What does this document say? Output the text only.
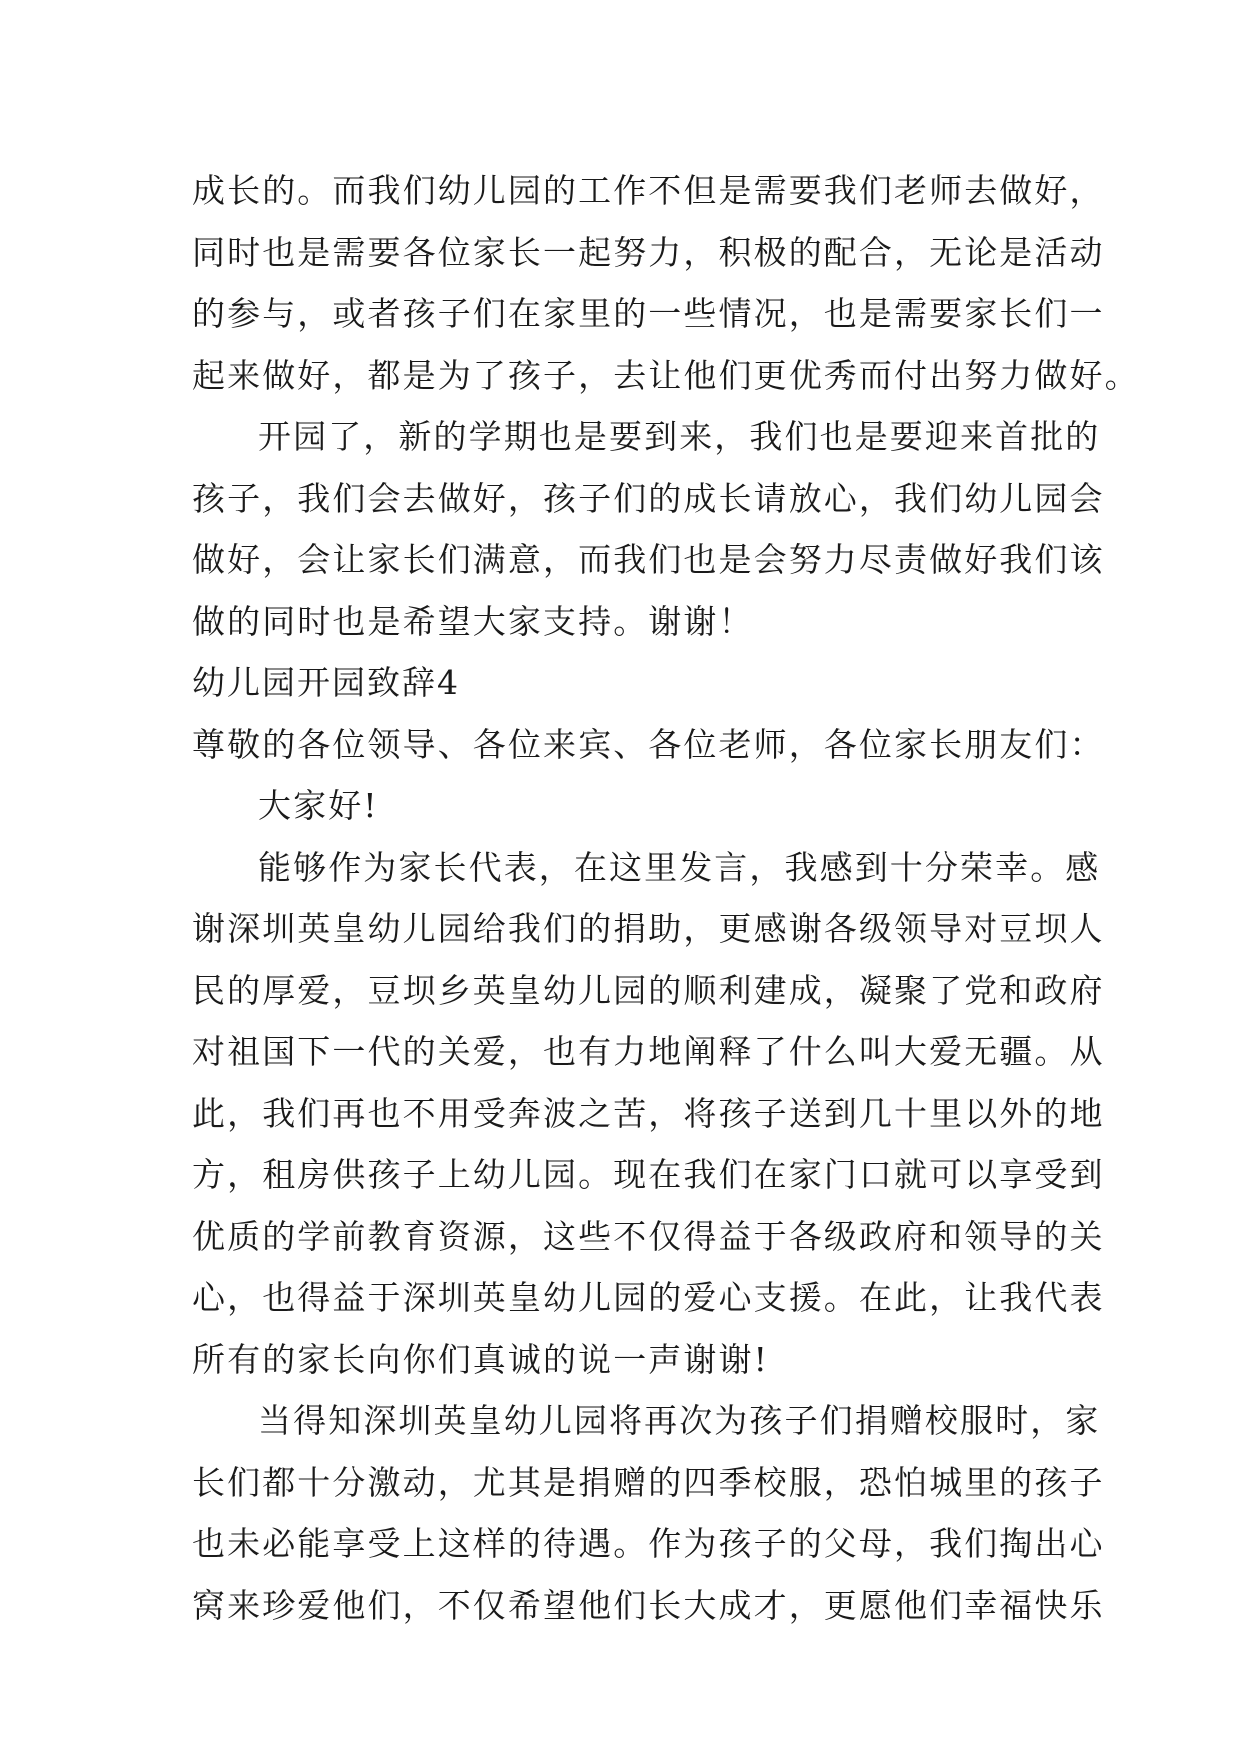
成长的。而我们幼儿园的工作不但是需要我们老师去做好，
同时也是需要各位家长一起努力，积极的配合，无论是活动
的参与，或者孩子们在家里的一些情况，也是需要家长们一
起来做好，都是为了孩子，去让他们更优秀而付出努力做好。
开园了，新的学期也是要到来，我们也是要迎来首批的
孩子，我们会去做好，孩子们的成长请放心，我们幼儿园会
做好，会让家长们满意，而我们也是会努力尽责做好我们该
做的同时也是希望大家支持。谢谢！
幼儿园开园致辞4
尊敬的各位领导、各位来宾、各位老师，各位家长朋友们：
大家好!
能够作为家长代表，在这里发言，我感到十分荣幸。感
谢深圳英皇幼儿园给我们的捐助，更感谢各级领导对豆坝人
民的厚爱，豆坝乡英皇幼儿园的顺利建成，凝聚了党和政府
对祖国下一代的关爱，也有力地阐释了什么叫大爱无疆。从
此，我们再也不用受奔波之苦，将孩子送到几十里以外的地
方，租房供孩子上幼儿园。现在我们在家门口就可以享受到
优质的学前教育资源，这些不仅得益于各级政府和领导的关
心，也得益于深圳英皇幼儿园的爱心支援。在此，让我代表
所有的家长向你们真诚的说一声谢谢!
当得知深圳英皇幼儿园将再次为孩子们捐赠校服时，家
长们都十分激动，尤其是捐赠的四季校服，恐怕城里的孩子
也未必能享受上这样的待遇。作为孩子的父母，我们掏出心
窝来珍爱他们，不仅希望他们长大成才，更愿他们幸福快乐
